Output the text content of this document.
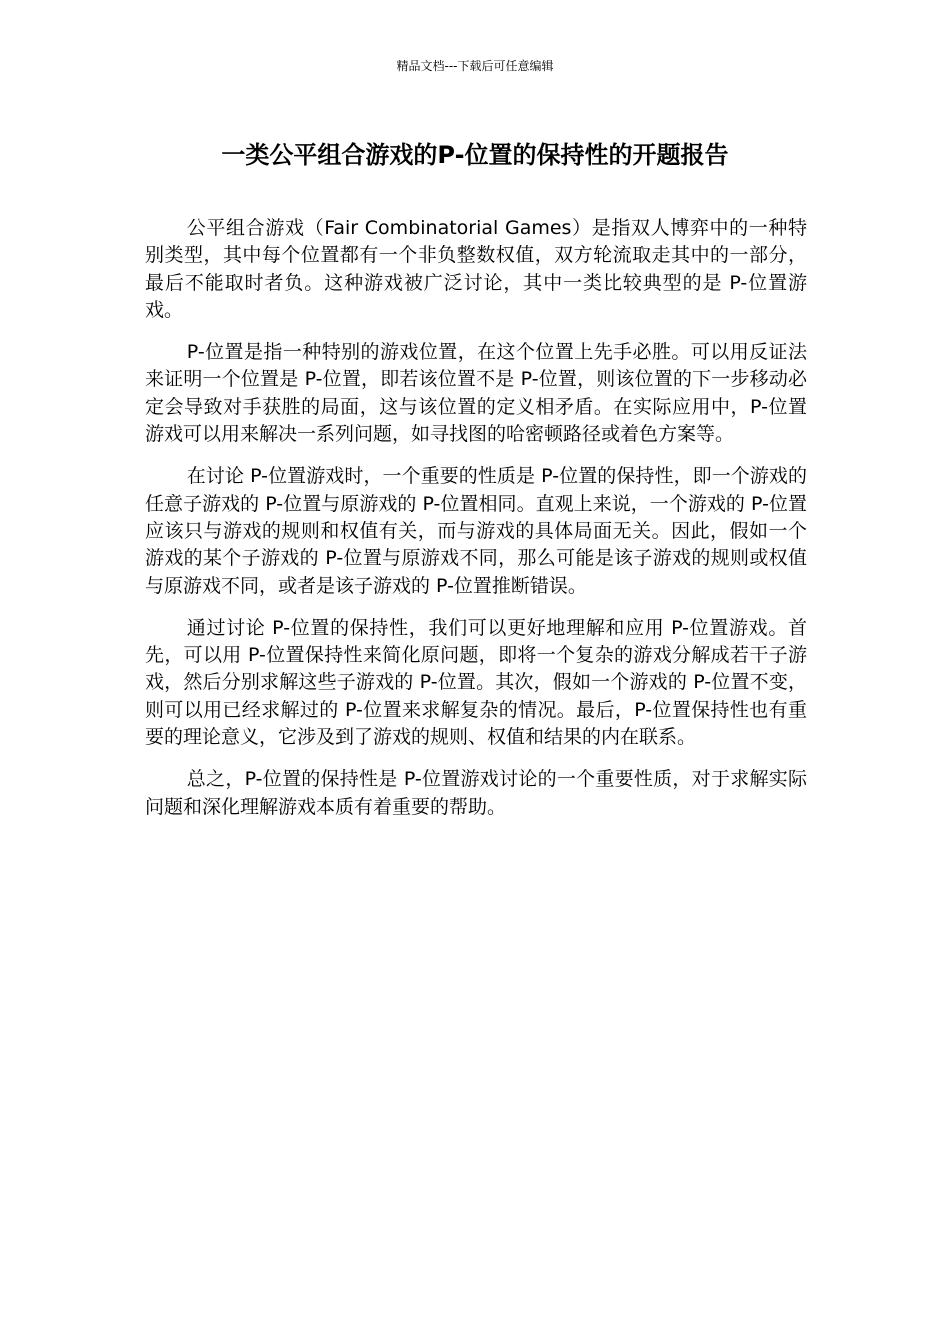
精品文档---下载后可任意编辑
一类公平组合游戏的P-位置的保持性的开题报告

公平组合游戏（Fair Combinatorial Games）是指双人博弈中的一种特别类型，其中每个位置都有一个非负整数权值，双方轮流取走其中的一部分，最后不能取时者负。这种游戏被广泛讨论，其中一类比较典型的是 P-位置游戏。

P-位置是指一种特别的游戏位置，在这个位置上先手必胜。可以用反证法来证明一个位置是 P-位置，即若该位置不是 P-位置，则该位置的下一步移动必定会导致对手获胜的局面，这与该位置的定义相矛盾。在实际应用中，P-位置游戏可以用来解决一系列问题，如寻找图的哈密顿路径或着色方案等。

在讨论 P-位置游戏时，一个重要的性质是 P-位置的保持性，即一个游戏的任意子游戏的 P-位置与原游戏的 P-位置相同。直观上来说，一个游戏的 P-位置应该只与游戏的规则和权值有关，而与游戏的具体局面无关。因此，假如一个游戏的某个子游戏的 P-位置与原游戏不同，那么可能是该子游戏的规则或权值与原游戏不同，或者是该子游戏的 P-位置推断错误。

通过讨论 P-位置的保持性，我们可以更好地理解和应用 P-位置游戏。首先，可以用 P-位置保持性来简化原问题，即将一个复杂的游戏分解成若干子游戏，然后分别求解这些子游戏的 P-位置。其次，假如一个游戏的 P-位置不变，则可以用已经求解过的 P-位置来求解复杂的情况。最后，P-位置保持性也有重要的理论意义，它涉及到了游戏的规则、权值和结果的内在联系。

总之，P-位置的保持性是 P-位置游戏讨论的一个重要性质，对于求解实际问题和深化理解游戏本质有着重要的帮助。
